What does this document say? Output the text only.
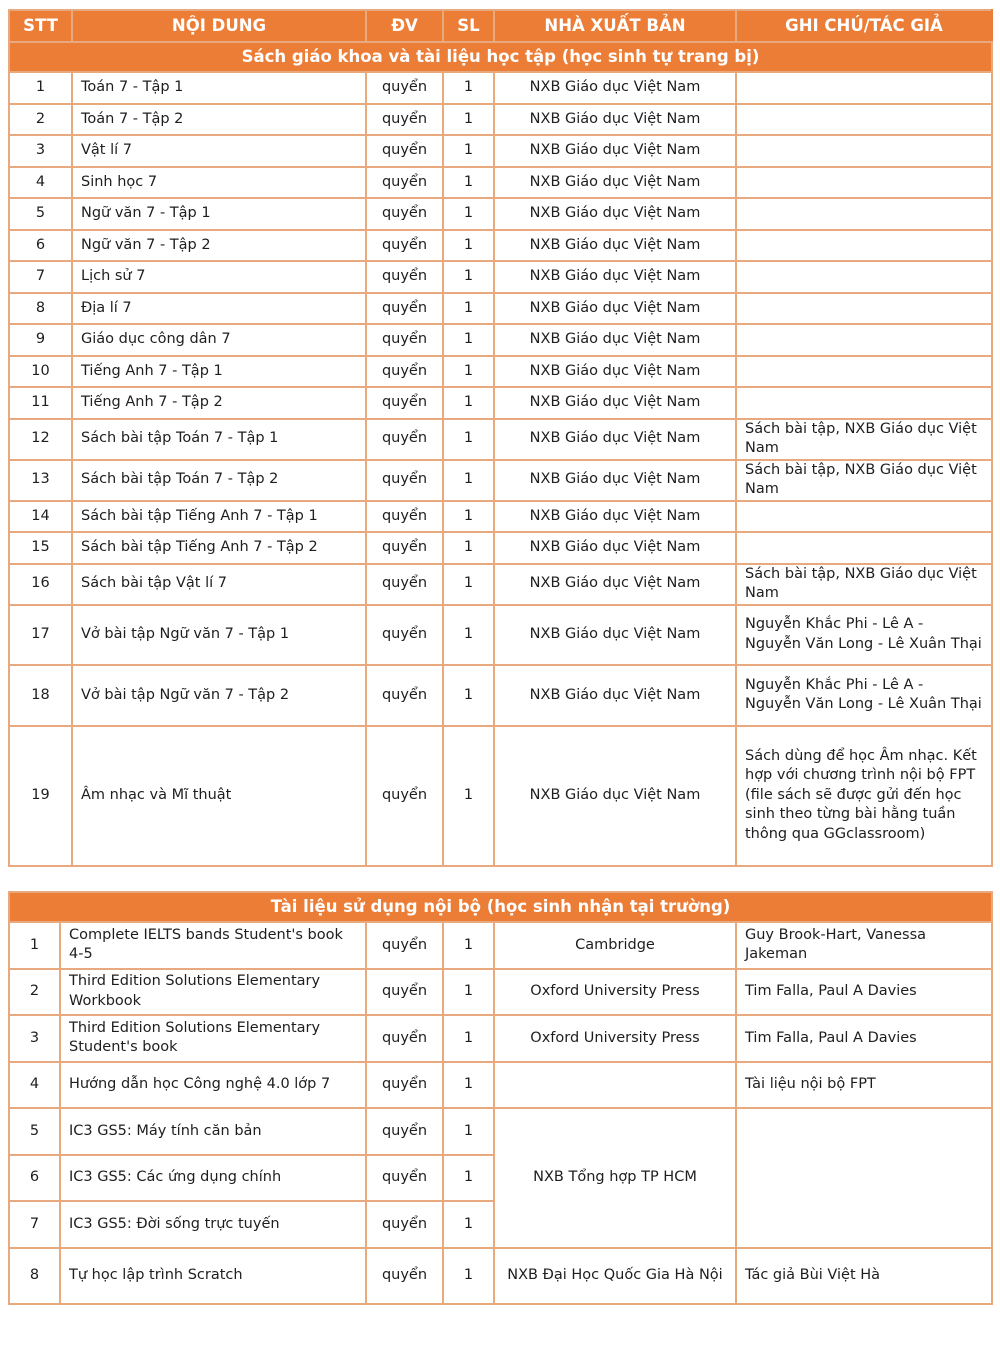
STT	NỘI DUNG	ĐV	SL	NHÀ XUẤT BẢN	GHI CHÚ/TÁC GIẢ
Sách giáo khoa và tài liệu học tập (học sinh tự trang bị)					
1	Toán 7 - Tập 1	quyển	1	NXB Giáo dục Việt Nam	
2	Toán 7 - Tập 2	quyển	1	NXB Giáo dục Việt Nam	
3	Vật lí 7	quyển	1	NXB Giáo dục Việt Nam	
4	Sinh học 7	quyển	1	NXB Giáo dục Việt Nam	
5	Ngữ văn 7 - Tập 1	quyển	1	NXB Giáo dục Việt Nam	
6	Ngữ văn 7 - Tập 2	quyển	1	NXB Giáo dục Việt Nam	
7	Lịch sử 7	quyển	1	NXB Giáo dục Việt Nam	
8	Địa lí 7	quyển	1	NXB Giáo dục Việt Nam	
9	Giáo dục công dân 7	quyển	1	NXB Giáo dục Việt Nam	
10	Tiếng Anh 7 - Tập 1	quyển	1	NXB Giáo dục Việt Nam	
11	Tiếng Anh 7 - Tập 2	quyển	1	NXB Giáo dục Việt Nam	
12	Sách bài tập Toán 7 - Tập 1	quyển	1	NXB Giáo dục Việt Nam	Sách bài tập, NXB Giáo dục Việt Nam
13	Sách bài tập Toán 7 - Tập 2	quyển	1	NXB Giáo dục Việt Nam	Sách bài tập, NXB Giáo dục Việt Nam
14	Sách bài tập Tiếng Anh 7 - Tập 1	quyển	1	NXB Giáo dục Việt Nam	
15	Sách bài tập Tiếng Anh 7 - Tập 2	quyển	1	NXB Giáo dục Việt Nam	
16	Sách bài tập Vật lí 7	quyển	1	NXB Giáo dục Việt Nam	Sách bài tập, NXB Giáo dục Việt Nam
17	Vở bài tập Ngữ văn 7 - Tập 1	quyển	1	NXB Giáo dục Việt Nam	Nguyễn Khắc Phi - Lê A - Nguyễn Văn Long - Lê Xuân Thại
18	Vở bài tập Ngữ văn 7 - Tập 2	quyển	1	NXB Giáo dục Việt Nam	Nguyễn Khắc Phi - Lê A - Nguyễn Văn Long - Lê Xuân Thại
19	Âm nhạc và Mĩ thuật	quyển	1	NXB Giáo dục Việt Nam	Sách dùng để học Âm nhạc. Kết hợp với chương trình nội bộ FPT (file sách sẽ được gửi đến học sinh theo từng bài hằng tuần thông qua GGclassroom)
Tài liệu sử dụng nội bộ (học sinh nhận tại trường)					
1	Complete IELTS bands Student's book 4-5	quyển	1	Cambridge	Guy Brook-Hart, Vanessa Jakeman
2	Third Edition Solutions Elementary Workbook	quyển	1	Oxford University Press	Tim Falla, Paul A Davies
3	Third Edition Solutions Elementary Student's book	quyển	1	Oxford University Press	Tim Falla, Paul A Davies
4	Hướng dẫn học Công nghệ 4.0 lớp 7	quyển	1		Tài liệu nội bộ FPT
5	IC3 GS5: Máy tính căn bản	quyển	1	NXB Tổng hợp TP HCM	
6	IC3 GS5: Các ứng dụng chính	quyển	1		
7	IC3 GS5: Đời sống trực tuyến	quyển	1		
8	Tự học lập trình Scratch	quyển	1	NXB Đại Học Quốc Gia Hà Nội	Tác giả Bùi Việt Hà
